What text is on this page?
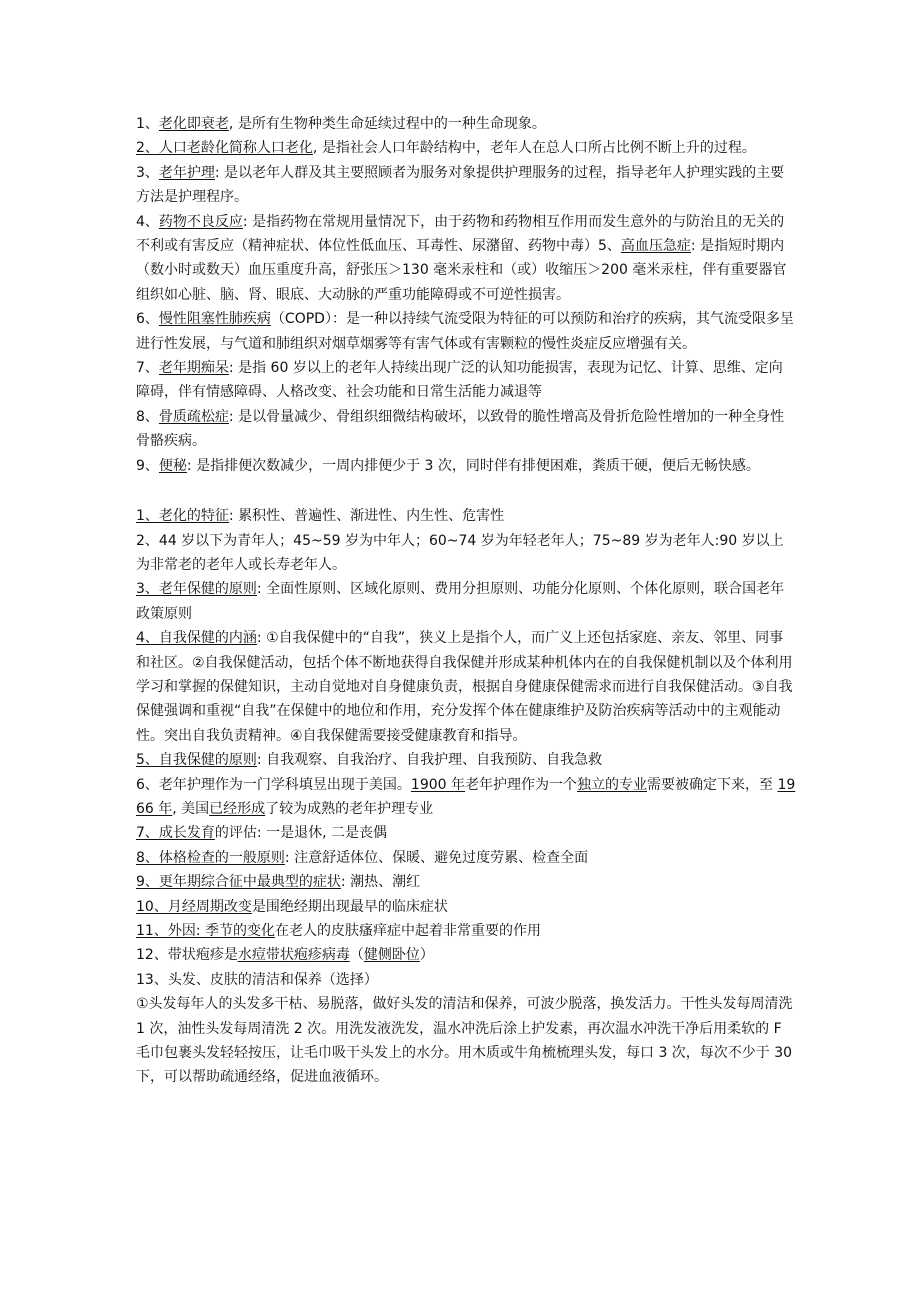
1、老化即衰老, 是所有生物种类生命延续过程中的一种生命现象。

2、人口老龄化简称人口老化, 是指社会人口年龄结构中，老年人在总人口所占比例不断上升的过程。

3、老年护理: 是以老年人群及其主要照顾者为服务对象提供护理服务的过程，指导老年人护理实践的主要方法是护理程序。

4、药物不良反应: 是指药物在常规用量情况下，由于药物和药物相互作用而发生意外的与防治且的无关的不利或有害反应（精神症状、体位性低血压、耳毒性、尿潴留、药物中毒）5、高血压急症: 是指短时期内（数小时或数天）血压重度升高，舒张压＞130 毫米汞柱和（或）收缩压＞200 毫米汞柱，伴有重要器官组织如心脏、脑、肾、眼底、大动脉的严重功能障碍或不可逆性损害。

6、慢性阻塞性肺疾病（COPD）：是一种以持续气流受限为特征的可以预防和治疗的疾病，其气流受限多呈进行性发展，与气道和肺组织对烟草烟雾等有害气体或有害颗粒的慢性炎症反应增强有关。

7、老年期痴呆: 是指 60 岁以上的老年人持续出现广泛的认知功能损害，表现为记忆、计算、思维、定向障碍，伴有情感障碍、人格改变、社会功能和日常生活能力减退等

8、骨质疏松症: 是以骨量减少、骨组织细微结构破坏，以致骨的脆性增高及骨折危险性增加的一种全身性骨骼疾病。

9、便秘: 是指排便次数减少，一周内排便少于 3 次，同时伴有排便困难，粪质干硬，便后无畅快感。

1、老化的特征: 累积性、普遍性、渐进性、内生性、危害性

2、44 岁以下为青年人；45~59 岁为中年人；60~74 岁为年轻老年人；75~89 岁为老年人:90 岁以上为非常老的老年人或长寿老年人。

3、老年保健的原则: 全面性原则、区域化原则、费用分担原则、功能分化原则、个体化原则，联合国老年政策原则

4、自我保健的内涵: ①自我保健中的“自我”，狭义上是指个人，而广义上还包括家庭、亲友、邻里、同事和社区。②自我保健活动，包括个体不断地获得自我保健并形成某种机体内在的自我保健机制以及个体利用学习和掌握的保健知识，主动自觉地对自身健康负责，根据自身健康保健需求而进行自我保健活动。③自我保健强调和重视“自我”在保健中的地位和作用，充分发挥个体在健康维护及防治疾病等活动中的主观能动性。突出自我负责精神。④自我保健需要接受健康教育和指导。

5、自我保健的原则: 自我观察、自我治疗、自我护理、自我预防、自我急救

6、老年护理作为一门学科填昱出现于美国。1900 年老年护理作为一个独立的专业需要被确定下来，至 1966 年, 美国已经形成了较为成熟的老年护理专业

7、成长发育的评估: 一是退休, 二是丧偶

8、体格检查的一般原则: 注意舒适体位、保暖、避免过度劳累、检查全面

9、更年期综合征中最典型的症状: 潮热、潮红

10、月经周期改变是围绝经期出现最早的临床症状

11、外因: 季节的变化在老人的皮肤瘙痒症中起着非常重要的作用

12、带状疱疹是水痘带状疱疹病毒（健侧卧位）

13、头发、皮肤的清洁和保养（选择）

①头发每年人的头发多干枯、易脱落，做好头发的清洁和保养，可波少脱落，换发活力。干性头发每周清洗 1 次，油性头发每周清洗 2 次。用洗发液洗发，温水冲洗后涂上护发素，再次温水冲洗干净后用柔软的 F 毛巾包裹头发轻轻按压，让毛巾吸干头发上的水分。用木质或牛角梳梳理头发，每口 3 次，每次不少于 30 下，可以帮助疏通经络，促进血液循环。
